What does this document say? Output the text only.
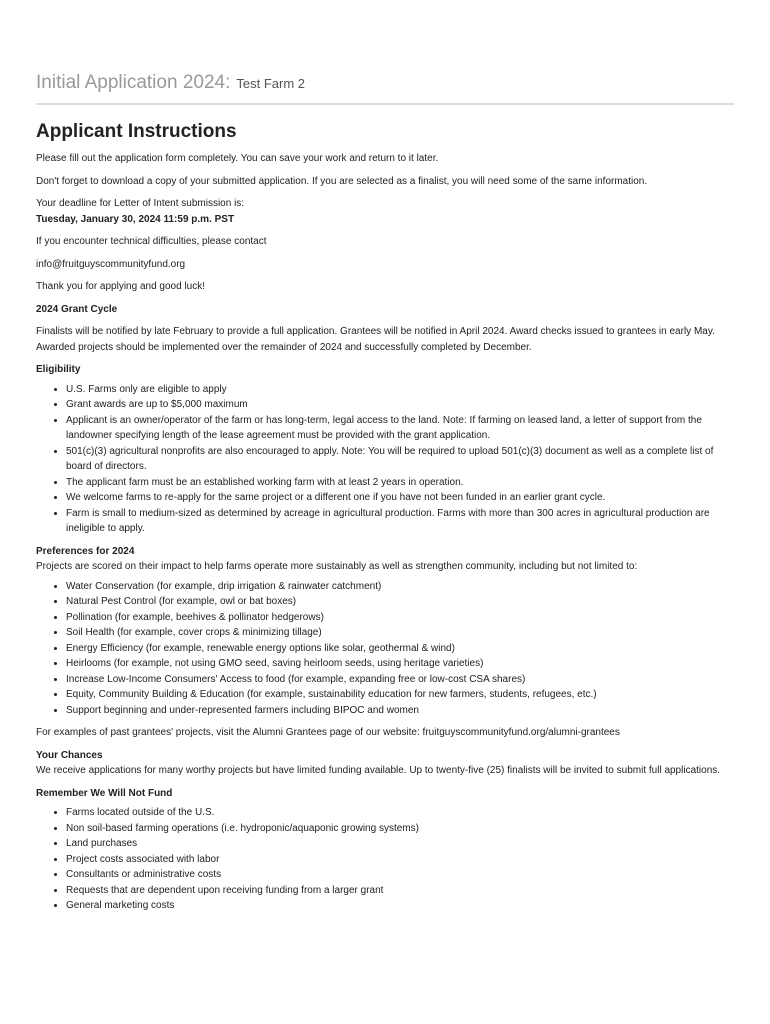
Initial Application 2024: Test Farm 2
Applicant Instructions

Please fill out the application form completely. You can save your work and return to it later.

Don't forget to download a copy of your submitted application. If you are selected as a finalist, you will need some of the same information.

Your deadline for Letter of Intent submission is:

Tuesday, January 30, 2024 11:59 p.m. PST

If you encounter technical difficulties, please contact

info@fruitguyscommunityfund.org

Thank you for applying and good luck!

2024 Grant Cycle

Finalists will be notified by late February to provide a full application. Grantees will be notified in April 2024. Award checks issued to grantees in early May. Awarded projects should be implemented over the remainder of 2024 and successfully completed by December.

Eligibility

• U.S. Farms only are eligible to apply
• Grant awards are up to $5,000 maximum
• Applicant is an owner/operator of the farm or has long-term, legal access to the land. Note: If farming on leased land, a letter of support from the landowner specifying length of the lease agreement must be provided with the grant application.
• 501(c)(3) agricultural nonprofits are also encouraged to apply. Note: You will be required to upload 501(c)(3) document as well as a complete list of board of directors.
• The applicant farm must be an established working farm with at least 2 years in operation.
• We welcome farms to re-apply for the same project or a different one if you have not been funded in an earlier grant cycle.
• Farm is small to medium-sized as determined by acreage in agricultural production. Farms with more than 300 acres in agricultural production are ineligible to apply.

Preferences for 2024

Projects are scored on their impact to help farms operate more sustainably as well as strengthen community, including but not limited to:

• Water Conservation (for example, drip irrigation & rainwater catchment)
• Natural Pest Control (for example, owl or bat boxes)
• Pollination (for example, beehives & pollinator hedgerows)
• Soil Health (for example, cover crops & minimizing tillage)
• Energy Efficiency (for example, renewable energy options like solar, geothermal & wind)
• Heirlooms (for example, not using GMO seed, saving heirloom seeds, using heritage varieties)
• Increase Low-Income Consumers' Access to food (for example, expanding free or low-cost CSA shares)
• Equity, Community Building & Education (for example, sustainability education for new farmers, students, refugees, etc.)
• Support beginning and under-represented farmers including BIPOC and women

For examples of past grantees' projects, visit the Alumni Grantees page of our website: fruitguyscommunityfund.org/alumni-grantees

Your Chances

We receive applications for many worthy projects but have limited funding available. Up to twenty-five (25) finalists will be invited to submit full applications.

Remember We Will Not Fund

• Farms located outside of the U.S.
• Non soil-based farming operations (i.e. hydroponic/aquaponic growing systems)
• Land purchases
• Project costs associated with labor
• Consultants or administrative costs
• Requests that are dependent upon receiving funding from a larger grant
• General marketing costs
